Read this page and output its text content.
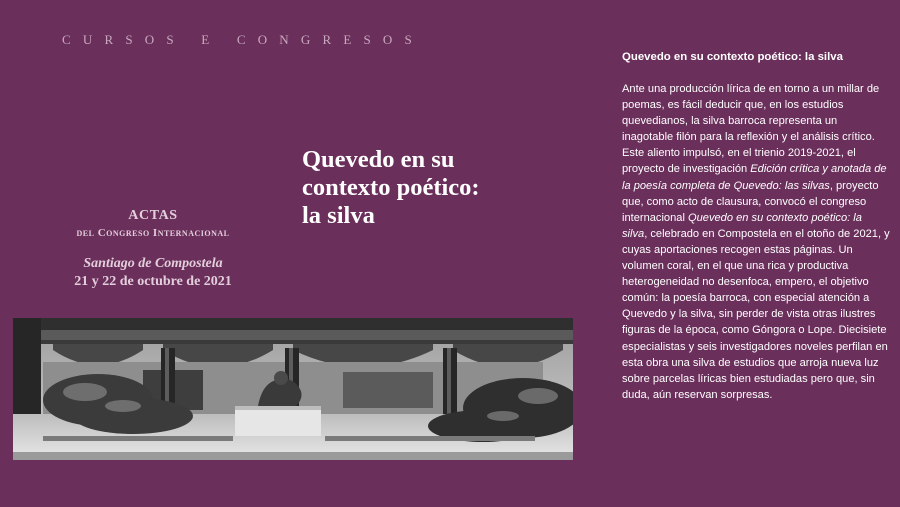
CURSOS E CONGRESOS
Quevedo en su
contexto poético:
la silva
ACTAS
del Congreso Internacional
Santiago de Compostela
21 y 22 de octubre de 2021
Quevedo en su contexto poético: la silva

Ante una producción lírica de en torno a un millar de poemas, es fácil deducir que, en los estudios quevedianos, la silva barroca representa un inagotable filón para la reflexión y el análisis crítico. Este aliento impulsó, en el trienio 2019-2021, el proyecto de investigación Edición crítica y anotada de la poesía completa de Quevedo: las silvas, proyecto que, como acto de clausura, convocó el congreso internacional Quevedo en su contexto poético: la silva, celebrado en Compostela en el otoño de 2021, y cuyas aportaciones recogen estas páginas. Un volumen coral, en el que una rica y productiva heterogeneidad no desenfoca, empero, el objetivo común: la poesía barroca, con especial atención a Quevedo y la silva, sin perder de vista otras ilustres figuras de la época, como Góngora o Lope. Diecisiete especialistas y seis investigadores noveles perfilan en esta obra una silva de estudios que arroja nueva luz sobre parcelas líricas bien estudiadas pero que, sin duda, aún reservan sorpresas.
